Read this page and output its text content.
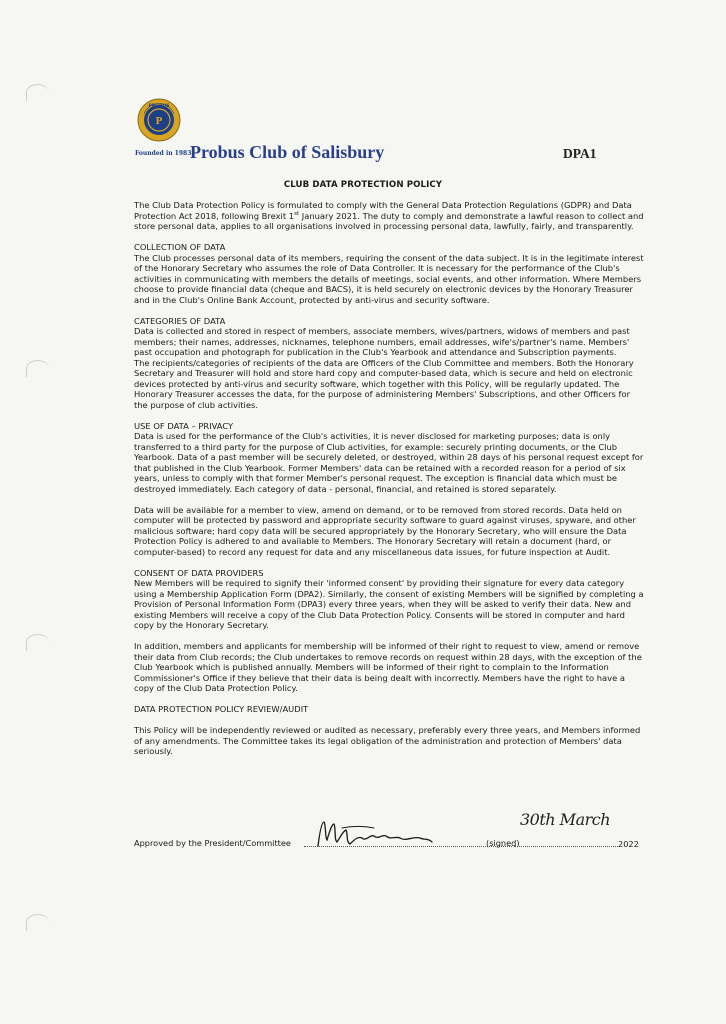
P
PROBUS
Founded in 1983
Probus Club of Salisbury	DPA1
CLUB DATA PROTECTION POLICY

The Club Data Protection Policy is formulated to comply with the General Data Protection Regulations (GDPR) and Data Protection Act 2018, following Brexit 1st January 2021. The duty to comply and demonstrate a lawful reason to collect and store personal data, applies to all organisations involved in processing personal data, lawfully, fairly, and transparently.

COLLECTION OF DATA

The Club processes personal data of its members, requiring the consent of the data subject. It is in the legitimate interest of the Honorary Secretary who assumes the role of Data Controller. It is necessary for the performance of the Club's activities in communicating with members the details of meetings, social events, and other information. Where Members choose to provide financial data (cheque and BACS), it is held securely on electronic devices by the Honorary Treasurer and in the Club's Online Bank Account, protected by anti-virus and security software.

CATEGORIES OF DATA

Data is collected and stored in respect of members, associate members, wives/partners, widows of members and past members; their names, addresses, nicknames, telephone numbers, email addresses, wife's/partner's name. Members' past occupation and photograph for publication in the Club's Yearbook and attendance and Subscription payments.

The recipients/categories of recipients of the data are Officers of the Club Committee and members. Both the Honorary Secretary and Treasurer will hold and store hard copy and computer-based data, which is secure and held on electronic devices protected by anti-virus and security software, which together with this Policy, will be regularly updated. The Honorary Treasurer accesses the data, for the purpose of administering Members' Subscriptions, and other Officers for the purpose of club activities.

USE OF DATA – PRIVACY

Data is used for the performance of the Club's activities, it is never disclosed for marketing purposes; data is only transferred to a third party for the purpose of Club activities, for example: securely printing documents, or the Club Yearbook. Data of a past member will be securely deleted, or destroyed, within 28 days of his personal request except for that published in the Club Yearbook. Former Members' data can be retained with a recorded reason for a period of six years, unless to comply with that former Member's personal request. The exception is financial data which must be destroyed immediately. Each category of data - personal, financial, and retained is stored separately.

Data will be available for a member to view, amend on demand, or to be removed from stored records. Data held on computer will be protected by password and appropriate security software to guard against viruses, spyware, and other malicious software; hard copy data will be secured appropriately by the Honorary Secretary, who will ensure the Data Protection Policy is adhered to and available to Members. The Honorary Secretary will retain a document (hard, or computer-based) to record any request for data and any miscellaneous data issues, for future inspection at Audit.

CONSENT OF DATA PROVIDERS

New Members will be required to signify their 'informed consent' by providing their signature for every data category using a Membership Application Form (DPA2). Similarly, the consent of existing Members will be signified by completing a Provision of Personal Information Form (DPA3) every three years, when they will be asked to verify their data. New and existing Members will receive a copy of the Club Data Protection Policy. Consents will be stored in computer and hard copy by the Honorary Secretary.

In addition, members and applicants for membership will be informed of their right to request to view, amend or remove their data from Club records; the Club undertakes to remove records on request within 28 days, with the exception of the Club Yearbook which is published annually. Members will be informed of their right to complain to the Information Commissioner's Office if they believe that their data is being dealt with incorrectly. Members have the right to have a copy of the Club Data Protection Policy.

DATA PROTECTION POLICY REVIEW/AUDIT

This Policy will be independently reviewed or audited as necessary, preferably every three years, and Members informed of any amendments. The Committee takes its legal obligation of the administration and protection of Members' data seriously.

Approved by the President/Committee	(signed)
30th March
2022
